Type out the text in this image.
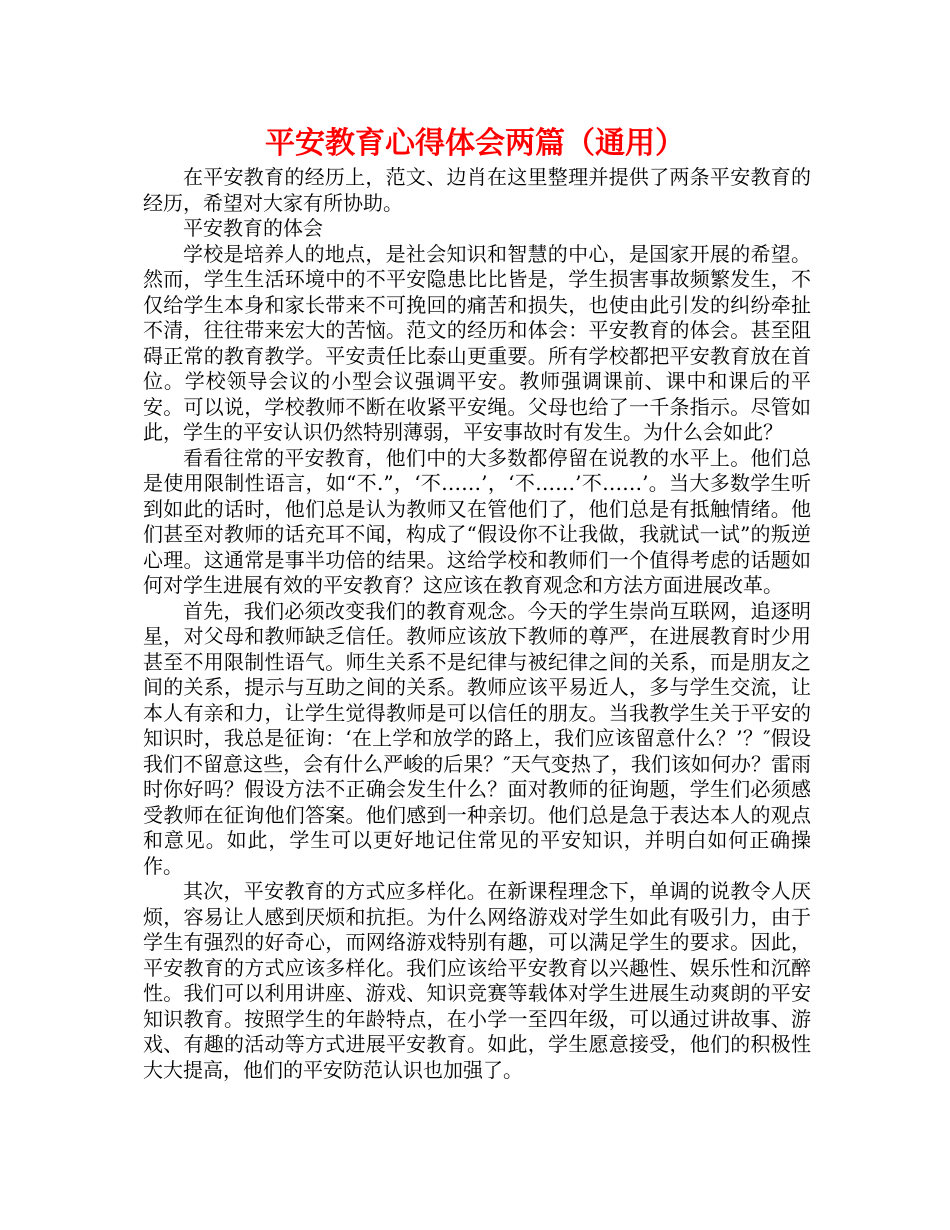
平安教育心得体会两篇（通用）

在平安教育的经历上，范文、边肖在这里整理并提供了两条平安教育的经历，希望对大家有所协助。

平安教育的体会

学校是培养人的地点，是社会知识和智慧的中心，是国家开展的希望。然而，学生生活环境中的不平安隐患比比皆是，学生损害事故频繁发生，不仅给学生本身和家长带来不可挽回的痛苦和损失，也使由此引发的纠纷牵扯不清，往往带来宏大的苦恼。范文的经历和体会：平安教育的体会。甚至阻碍正常的教育教学。平安责任比泰山更重要。所有学校都把平安教育放在首位。学校领导会议的小型会议强调平安。教师强调课前、课中和课后的平安。可以说，学校教师不断在收紧平安绳。父母也给了一千条指示。尽管如此，学生的平安认识仍然特别薄弱，平安事故时有发生。为什么会如此？

看看往常的平安教育，他们中的大多数都停留在说教的水平上。他们总是使用限制性语言，如“不.”，‘不……’，‘不……’不……’。当大多数学生听到如此的话时，他们总是认为教师又在管他们了，他们总是有抵触情绪。他们甚至对教师的话充耳不闻，构成了“假设你不让我做，我就试一试”的叛逆心理。这通常是事半功倍的结果。这给学校和教师们一个值得考虑的话题如何对学生进展有效的平安教育？这应该在教育观念和方法方面进展改革。

首先，我们必须改变我们的教育观念。今天的学生崇尚互联网，追逐明星，对父母和教师缺乏信任。教师应该放下教师的尊严，在进展教育时少用甚至不用限制性语气。师生关系不是纪律与被纪律之间的关系，而是朋友之间的关系，提示与互助之间的关系。教师应该平易近人，多与学生交流，让本人有亲和力，让学生觉得教师是可以信任的朋友。当我教学生关于平安的知识时，我总是征询：‘在上学和放学的路上，我们应该留意什么？’？″假设我们不留意这些，会有什么严峻的后果？″天气变热了，我们该如何办？雷雨时你好吗？假设方法不正确会发生什么？面对教师的征询题，学生们必须感受教师在征询他们答案。他们感到一种亲切。他们总是急于表达本人的观点和意见。如此，学生可以更好地记住常见的平安知识，并明白如何正确操作。

其次，平安教育的方式应多样化。在新课程理念下，单调的说教令人厌烦，容易让人感到厌烦和抗拒。为什么网络游戏对学生如此有吸引力，由于学生有强烈的好奇心，而网络游戏特别有趣，可以满足学生的要求。因此，平安教育的方式应该多样化。我们应该给平安教育以兴趣性、娱乐性和沉醉性。我们可以利用讲座、游戏、知识竞赛等载体对学生进展生动爽朗的平安知识教育。按照学生的年龄特点，在小学一至四年级，可以通过讲故事、游戏、有趣的活动等方式进展平安教育。如此，学生愿意接受，他们的积极性大大提高，他们的平安防范认识也加强了。
